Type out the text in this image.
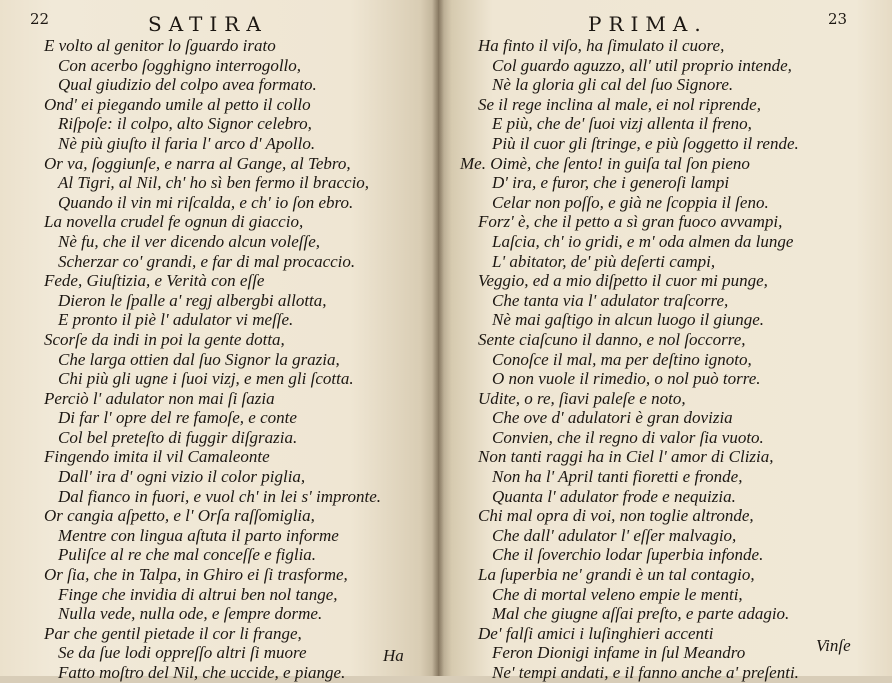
22	SATIRA
E volto al genitor lo ſguardo irato
Con acerbo ſogghigno interrogollo,
Qual giudizio del colpo avea formato.
Ond' ei piegando umile al petto il collo
Riſpoſe: il colpo, alto Signor celebro,
Nè più giuſto il faria l' arco d' Apollo.
Or va, ſoggiunſe, e narra al Gange, al Tebro,
Al Tigri, al Nil, ch' ho sì ben fermo il braccio,
Quando il vin mi riſcalda, e ch' io ſon ebro.
La novella crudel fe ognun di giaccio,
Nè fu, che il ver dicendo alcun voleſſe,
Scherzar co' grandi, e far di mal procaccio.
Fede, Giuſtizia, e Verità con eſſe
Dieron le ſpalle a' regj albergbi allotta,
E pronto il piè l' adulator vi meſſe.
Scorſe da indi in poi la gente dotta,
Che larga ottien dal ſuo Signor la grazia,
Chi più gli ugne i ſuoi vizj, e men gli ſcotta.
Perciò l' adulator non mai ſi ſazia
Di far l' opre del re famoſe, e conte
Col bel preteſto di fuggir diſgrazia.
Fingendo imita il vil Camaleonte
Dall' ira d' ogni vizio il color piglia,
Dal fianco in fuori, e vuol ch' in lei s' impronte.
Or cangia aſpetto, e l' Orſa raſſomiglia,
Mentre con lingua aſtuta il parto informe
Puliſce al re che mal conceſſe e figlia.
Or ſia, che in Talpa, in Ghiro ei ſi trasforme,
Finge che invidia di altrui ben nol tange,
Nulla vede, nulla ode, e ſempre dorme.
Par che gentil pietade il cor li frange,
Se da ſue lodi oppreſſo altri ſi muore
Fatto moſtro del Nil, che uccide, e piange.
Ha
PRIMA.	23
Ha finto il viſo, ha ſimulato il cuore,
Col guardo aguzzo, all' util proprio intende,
Nè la gloria gli cal del ſuo Signore.
Se il rege inclina al male, ei nol riprende,
E più, che de' ſuoi vizj allenta il freno,
Più il cuor gli ſtringe, e più ſoggetto il rende.
Me. Oimè, che ſento! in guiſa tal ſon pieno
D' ira, e furor, che i generoſi lampi
Celar non poſſo, e già ne ſcoppia il ſeno.
Forz' è, che il petto a sì gran fuoco avvampi,
Laſcia, ch' io gridi, e m' oda almen da lunge
L' abitator, de' più deſerti campi,
Veggio, ed a mio diſpetto il cuor mi punge,
Che tanta via l' adulator traſcorre,
Nè mai gaſtigo in alcun luogo il giunge.
Sente ciaſcuno il danno, e nol ſoccorre,
Conoſce il mal, ma per deſtino ignoto,
O non vuole il rimedio, o nol può torre.
Udite, o re, ſiavi paleſe e noto,
Che ove d' adulatori è gran dovizia
Convien, che il regno di valor ſia vuoto.
Non tanti raggi ha in Ciel l' amor di Clizia,
Non ha l' April tanti fioretti e fronde,
Quanta l' adulator frode e nequizia.
Chi mal opra di voi, non toglie altronde,
Che dall' adulator l' eſſer malvagio,
Che il ſoverchio lodar ſuperbia infonde.
La ſuperbia ne' grandi è un tal contagio,
Che di mortal veleno empie le menti,
Mal che giugne aſſai preſto, e parte adagio.
De' falſi amici i luſinghieri accenti
Feron Dionigi infame in ſul Meandro
Ne' tempi andati, e il fanno anche a' preſenti.
Vinſe
